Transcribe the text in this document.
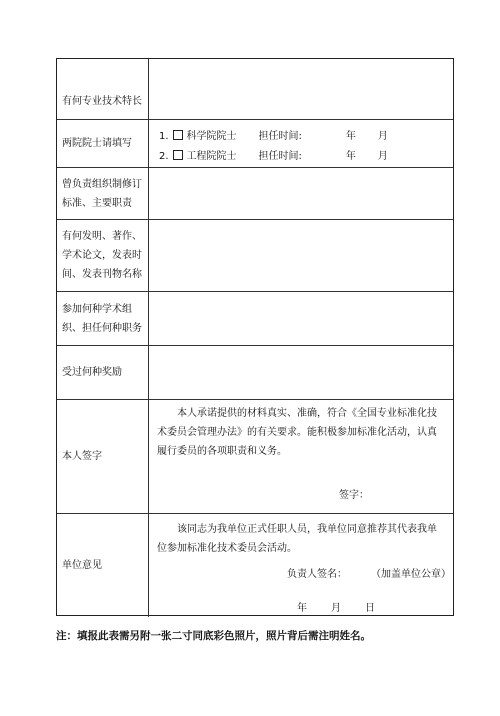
有何专业技术特长
两院院士请填写
1. 科学院院士 担任时间:	年 月
2. 工程院院士 担任时间:	年 月
曾负责组织制修订标准、主要职责
有何发明、著作、学术论文，发表时间、发表刊物名称
参加何种学术组织、担任何种职务
受过何种奖励
本人签字
本人承诺提供的材料真实、准确，符合《全国专业标准化技术委员会管理办法》的有关要求。能积极参加标准化活动，认真履行委员的各项职责和义务。
签字：
单位意见
该同志为我单位正式任职人员，我单位同意推荐其代表我单位参加标准化技术委员会活动。
负责人签名： （加盖单位公章）
年 月 日
注：填报此表需另附一张二寸同底彩色照片，照片背后需注明姓名。
